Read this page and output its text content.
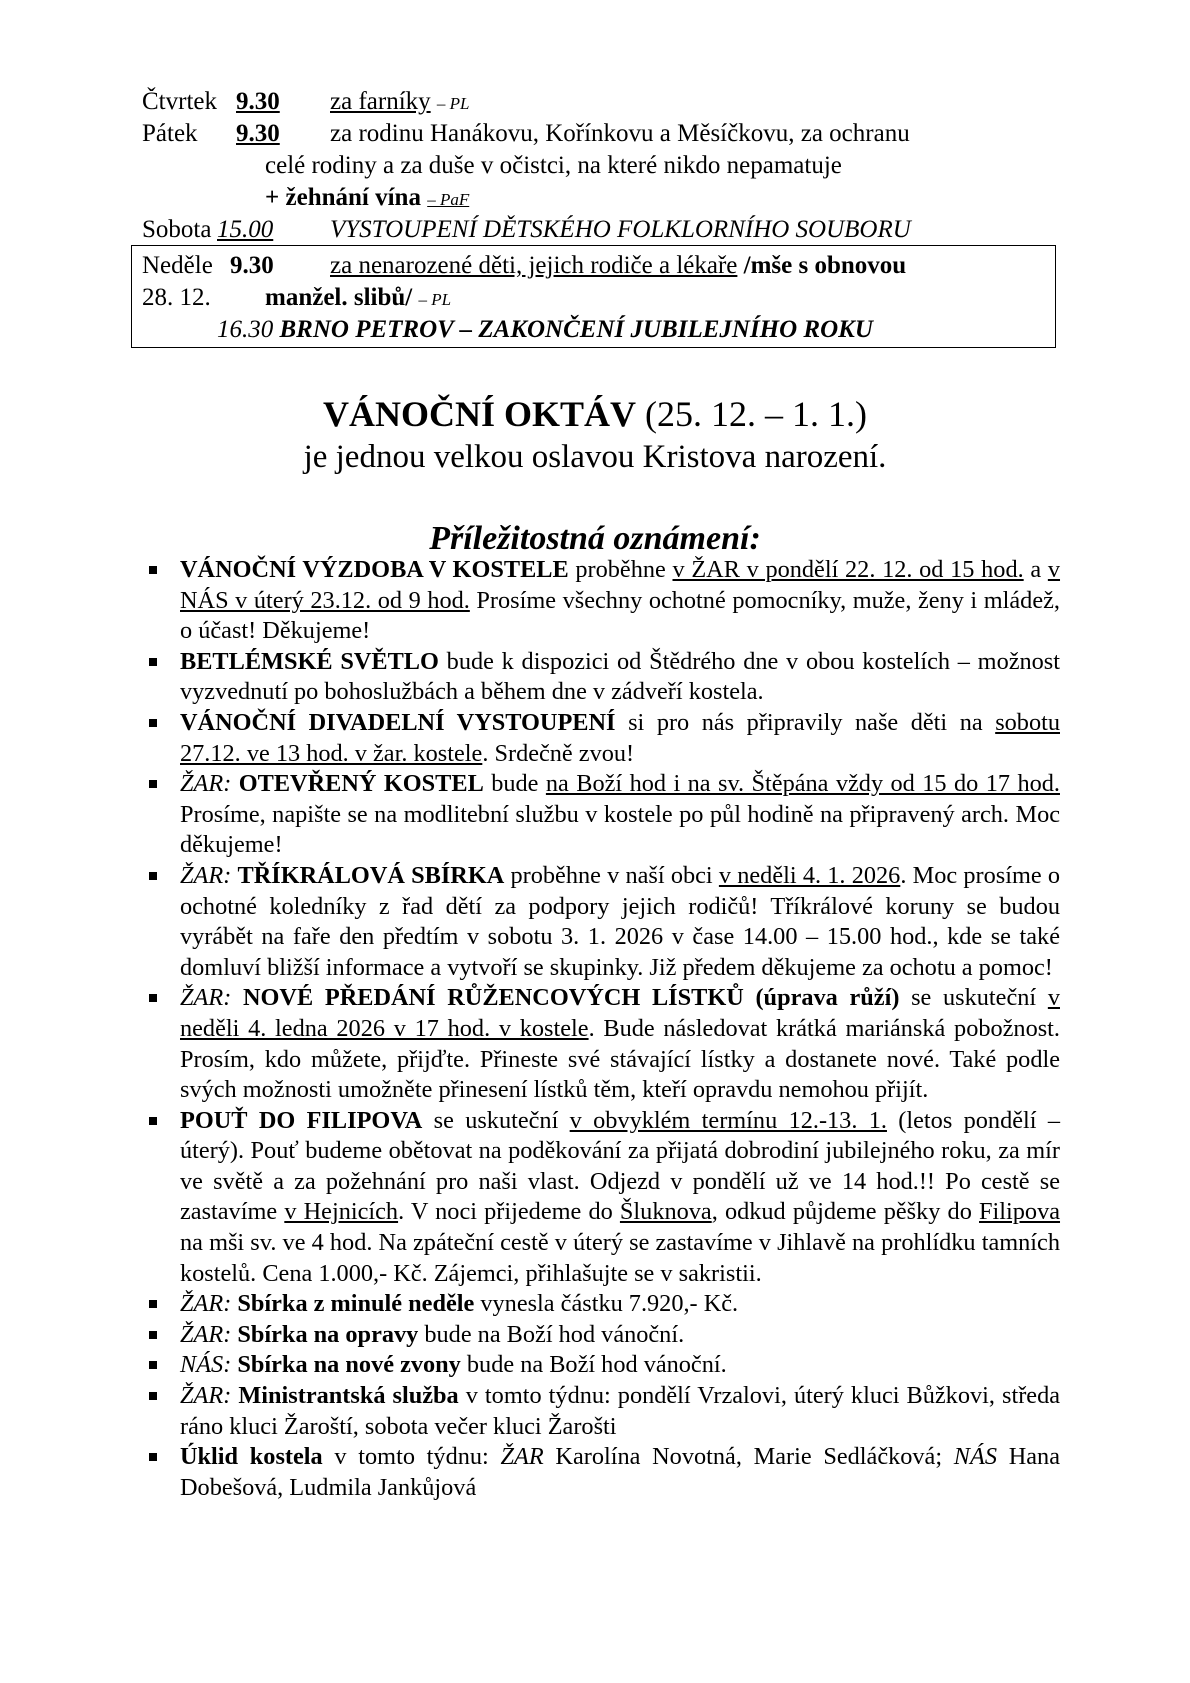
Čtvrtek 9.30 za farníky – PL
Pátek 9.30 za rodinu Hanákovu, Kořínkovu a Měsíčkovu, za ochranu
celé rodiny a za duše v očistci, na které nikdo nepamatuje
+ žehnání vína – PaF
Sobota 15.00 VYSTOUPENÍ DĚTSKÉHO FOLKLORNÍHO SOUBORU
Neděle 9.30 za nenarozené děti, jejich rodiče a lékaře /mše s obnovou
28. 12. manžel. slibů/ – PL
16.30 BRNO PETROV – ZAKONČENÍ JUBILEJNÍHO ROKU
VÁNOČNÍ OKTÁV (25. 12. – 1. 1.)
je jednou velkou oslavou Kristova narození.
Příležitostná oznámení:
VÁNOČNÍ VÝZDOBA V KOSTELE proběhne v ŽAR v pondělí 22. 12. od 15 hod. a v NÁS v úterý 23.12. od 9 hod. Prosíme všechny ochotné pomocníky, muže, ženy i mládež, o účast! Děkujeme!
BETLÉMSKÉ SVĚTLO bude k dispozici od Štědrého dne v obou kostelích – možnost vyzvednutí po bohoslužbách a během dne v zádveří kostela.
VÁNOČNÍ DIVADELNÍ VYSTOUPENÍ si pro nás připravily naše děti na sobotu 27.12. ve 13 hod. v žar. kostele. Srdečně zvou!
ŽAR: OTEVŘENÝ KOSTEL bude na Boží hod i na sv. Štěpána vždy od 15 do 17 hod. Prosíme, napište se na modlitební službu v kostele po půl hodině na připravený arch. Moc děkujeme!
ŽAR: TŘÍKRÁLOVÁ SBÍRKA proběhne v naší obci v neděli 4. 1. 2026. Moc prosíme o ochotné koledníky z řad dětí za podpory jejich rodičů! Tříkrálové koruny se budou vyrábět na faře den předtím v sobotu 3. 1. 2026 v čase 14.00 – 15.00 hod., kde se také domluví bližší informace a vytvoří se skupinky. Již předem děkujeme za ochotu a pomoc!
ŽAR: NOVÉ PŘEDÁNÍ RŮŽENCOVÝCH LÍSTKŮ (úprava růží) se uskuteční v neděli 4. ledna 2026 v 17 hod. v kostele. Bude následovat krátká mariánská pobožnost. Prosím, kdo můžete, přijďte. Přineste své stávající lístky a dostanete nové. Také podle svých možnosti umožněte přinesení lístků těm, kteří opravdu nemohou přijít.
POUŤ DO FILIPOVA se uskuteční v obvyklém termínu 12.-13. 1. (letos pondělí – úterý). Pouť budeme obětovat na poděkování za přijatá dobrodiní jubilejného roku, za mír ve světě a za požehnání pro naši vlast. Odjezd v pondělí už ve 14 hod.!! Po cestě se zastavíme v Hejnicích. V noci přijedeme do Šluknova, odkud půjdeme pěšky do Filipova na mši sv. ve 4 hod. Na zpáteční cestě v úterý se zastavíme v Jihlavě na prohlídku tamních kostelů. Cena 1.000,- Kč. Zájemci, přihlašujte se v sakristii.
ŽAR: Sbírka z minulé neděle vynesla částku 7.920,- Kč.
ŽAR: Sbírka na opravy bude na Boží hod vánoční.
NÁS: Sbírka na nové zvony bude na Boží hod vánoční.
ŽAR: Ministrantská služba v tomto týdnu: pondělí Vrzalovi, úterý kluci Bůžkovi, středa ráno kluci Žaroští, sobota večer kluci Žarošti
Úklid kostela v tomto týdnu: ŽAR Karolína Novotná, Marie Sedláčková; NÁS Hana Dobešová, Ludmila Jankůjová
